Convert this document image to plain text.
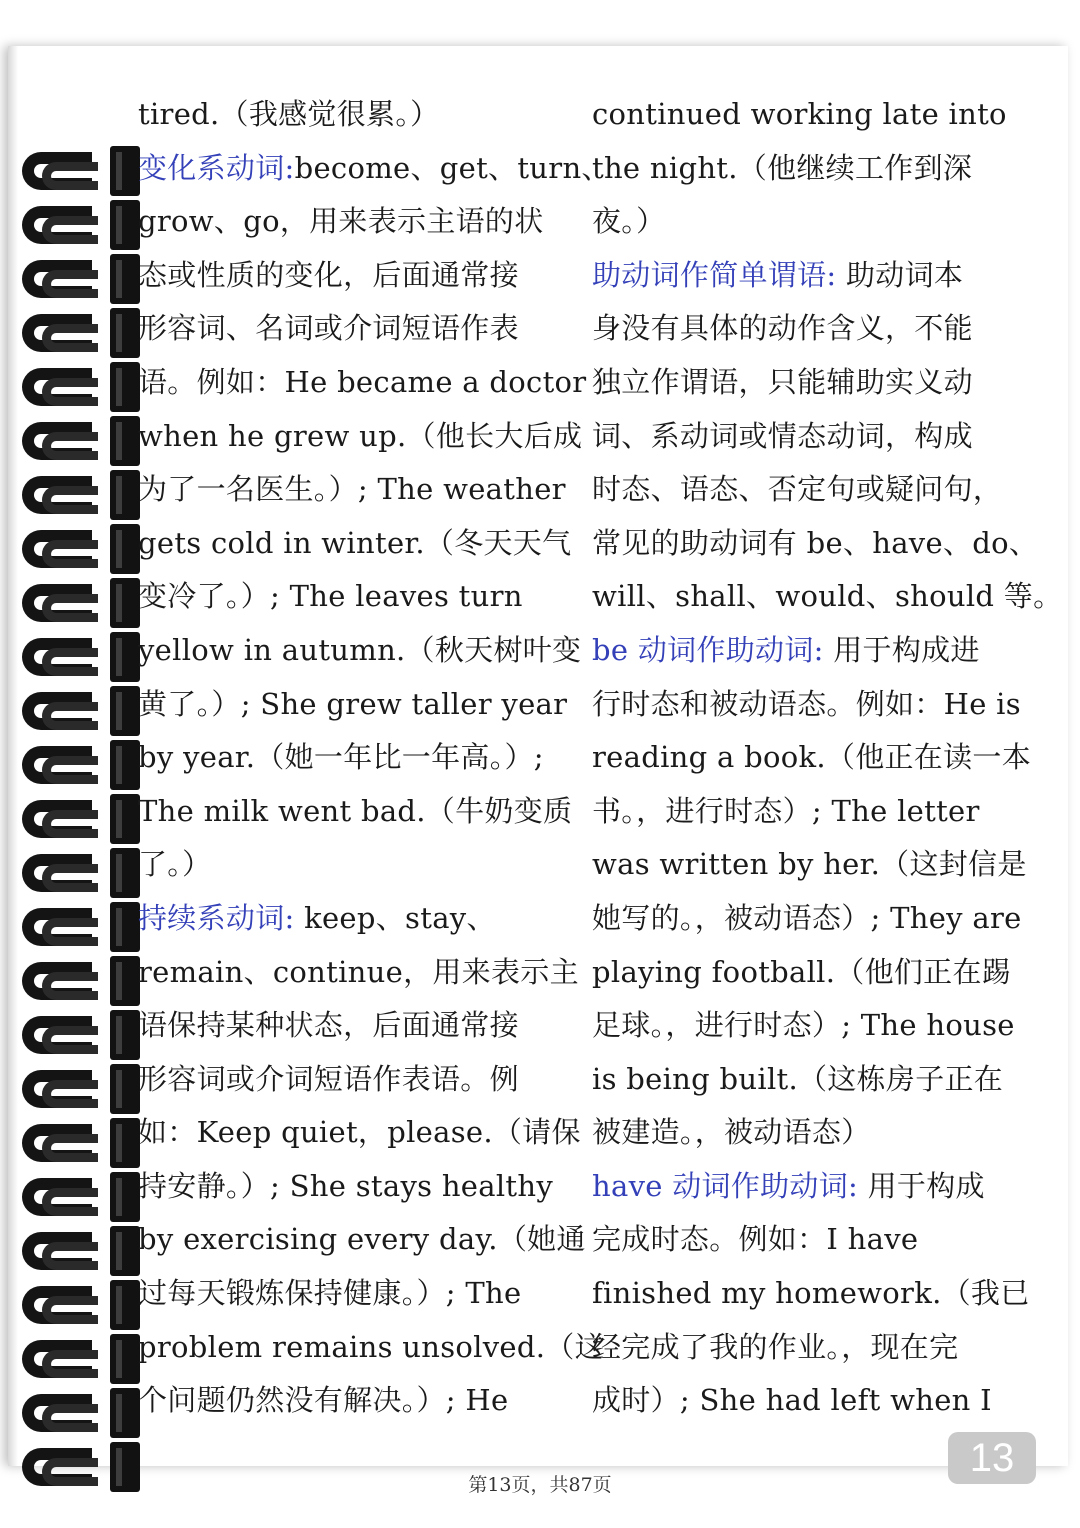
tired.（我感觉很累。）
变化系动词:become、get、turn、
grow、go，用来表示主语的状
态或性质的变化，后面通常接
形容词、名词或介词短语作表
语。例如：He became a doctor
when he grew up.（他长大后成
为了一名医生。）; The weather
gets cold in winter.（冬天天气
变冷了。）; The leaves turn
yellow in autumn.（秋天树叶变
黄了。）; She grew taller year
by year.（她一年比一年高。）;
The milk went bad.（牛奶变质
了。）
持续系动词: keep、stay、
remain、continue，用来表示主
语保持某种状态，后面通常接
形容词或介词短语作表语。例
如：Keep quiet，please.（请保
持安静。）; She stays healthy
by exercising every day.（她通
过每天锻炼保持健康。）; The
problem remains unsolved.（这
个问题仍然没有解决。）; He
continued working late into
the night.（他继续工作到深
夜。）
助动词作简单谓语: 助动词本
身没有具体的动作含义，不能
独立作谓语，只能辅助实义动
词、系动词或情态动词，构成
时态、语态、否定句或疑问句，
常见的助动词有 be、have、do、
will、shall、would、should 等。
be 动词作助动词: 用于构成进
行时态和被动语态。例如：He is
reading a book.（他正在读一本
书。，进行时态）; The letter
was written by her.（这封信是
她写的。，被动语态）; They are
playing football.（他们正在踢
足球。，进行时态）; The house
is being built.（这栋房子正在
被建造。，被动语态）
have 动词作助动词: 用于构成
完成时态。例如：I have
finished my homework.（我已
经完成了我的作业。，现在完
成时）; She had left when I
13
第13页，共87页
